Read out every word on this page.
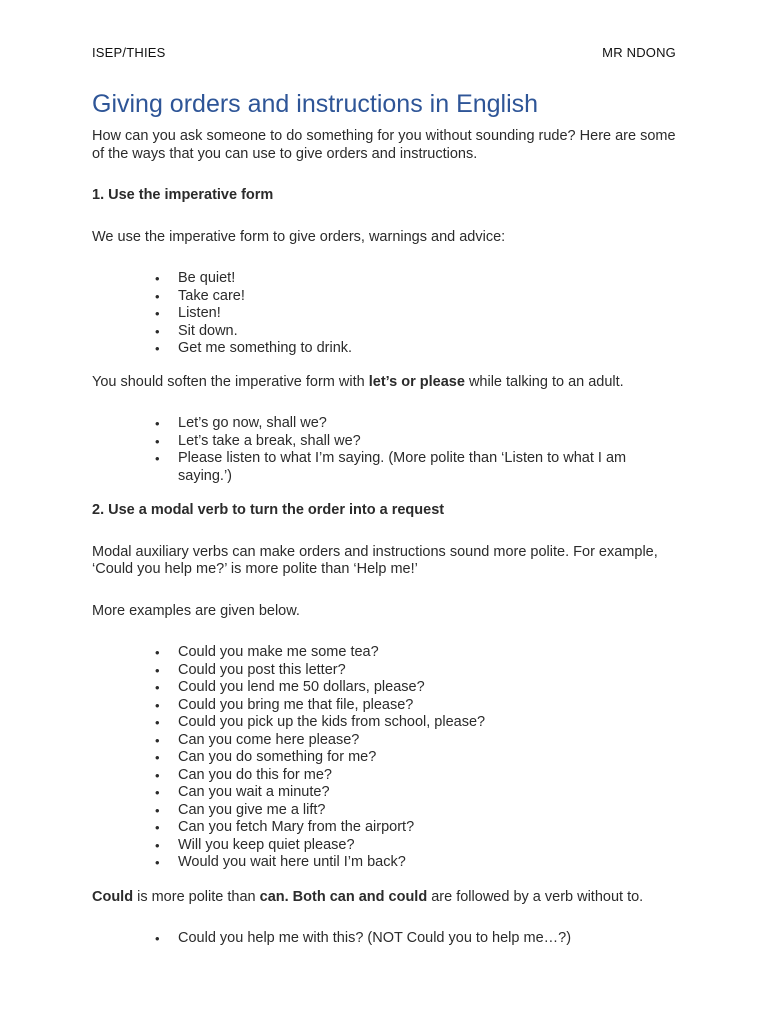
ISEP/THIES	MR NDONG
Giving orders and instructions in English

How can you ask someone to do something for you without sounding rude? Here are some of the ways that you can use to give orders and instructions.

1. Use the imperative form

We use the imperative form to give orders, warnings and advice:

• Be quiet!
• Take care!
• Listen!
• Sit down.
• Get me something to drink.

You should soften the imperative form with let’s or please while talking to an adult.

• Let’s go now, shall we?
• Let’s take a break, shall we?
• Please listen to what I’m saying. (More polite than ‘Listen to what I am saying.’)

2. Use a modal verb to turn the order into a request

Modal auxiliary verbs can make orders and instructions sound more polite. For example, ‘Could you help me?’ is more polite than ‘Help me!’

More examples are given below.

• Could you make me some tea?
• Could you post this letter?
• Could you lend me 50 dollars, please?
• Could you bring me that file, please?
• Could you pick up the kids from school, please?
• Can you come here please?
• Can you do something for me?
• Can you do this for me?
• Can you wait a minute?
• Can you give me a lift?
• Can you fetch Mary from the airport?
• Will you keep quiet please?
• Would you wait here until I’m back?

Could is more polite than can. Both can and could are followed by a verb without to.

• Could you help me with this? (NOT Could you to help me…?)
